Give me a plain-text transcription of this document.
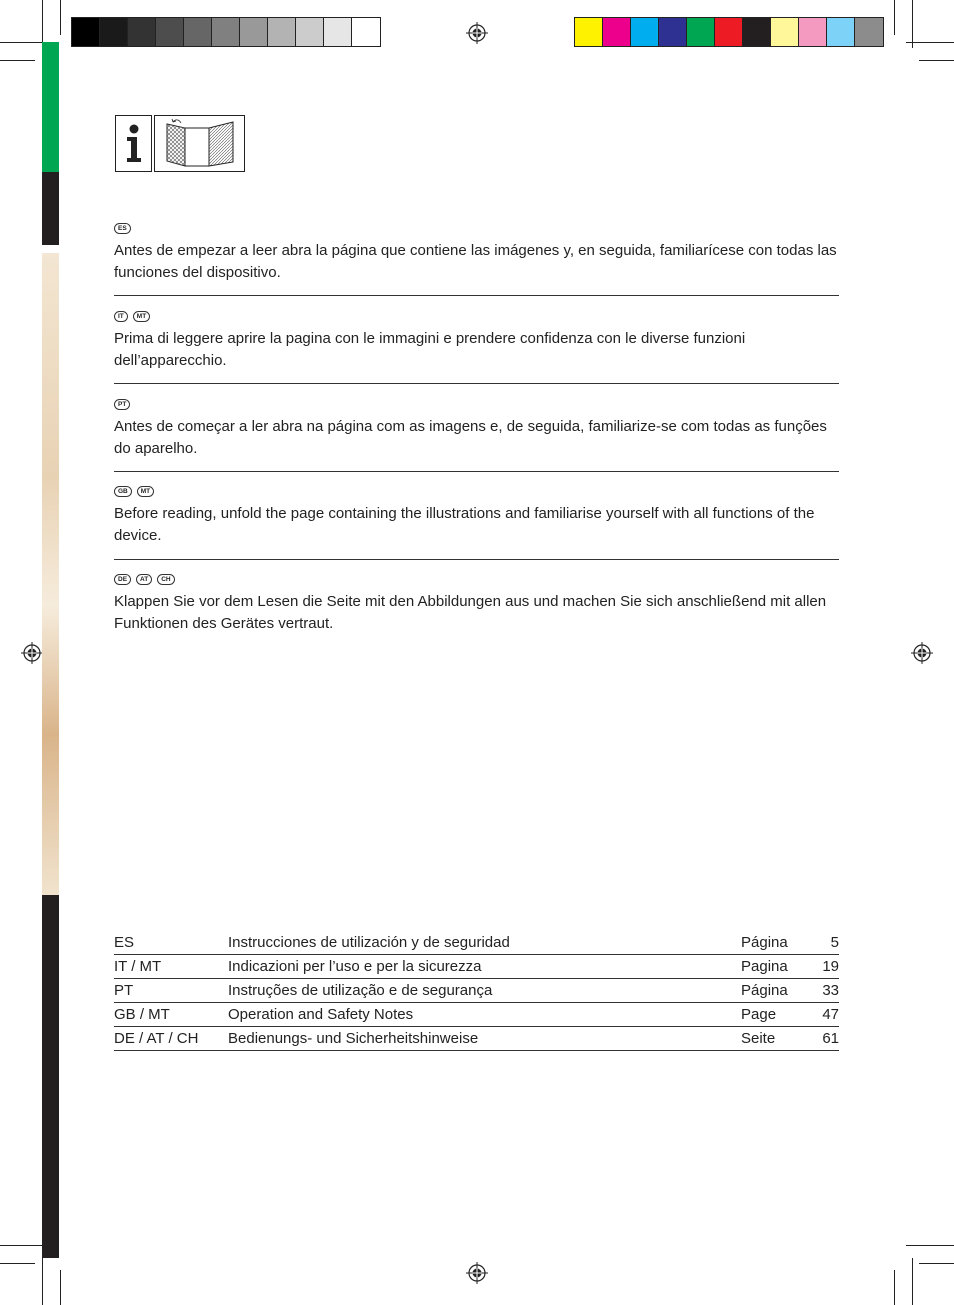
ES

Antes de empezar a leer abra la página que contiene las imágenes y, en seguida, familiarícese con todas las funciones del dispositivo.

IT	MT

Prima di leggere aprire la pagina con le immagini e prendere confidenza con le diverse funzioni dell’apparecchio.

PT

Antes de começar a ler abra na página com as imagens e, de seguida, familiarize-se com todas as funções do aparelho.

GB	MT

Before reading, unfold the page containing the illustrations and familiarise yourself with all functions of the device.

DE	AT	CH

Klappen Sie vor dem Lesen die Seite mit den Abbildungen aus und machen Sie sich anschließend mit allen Funktionen des Gerätes vertraut.

ES	Instrucciones de utilización y de seguridad	Página	5
IT / MT	Indicazioni per l’uso e per la sicurezza	Pagina	19
PT	Instruções de utilização e de segurança	Página	33
GB / MT	Operation and Safety Notes	Page	47
DE / AT / CH	Bedienungs- und Sicherheitshinweise	Seite	61
